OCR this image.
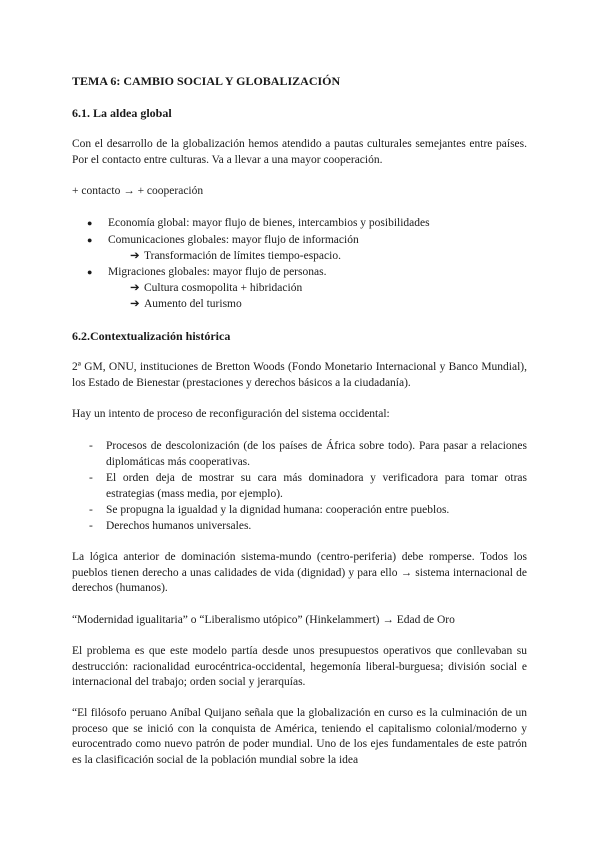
TEMA 6: CAMBIO SOCIAL Y GLOBALIZACIÓN
6.1. La aldea global
Con el desarrollo de la globalización hemos atendido a pautas culturales semejantes entre países. Por el contacto entre culturas. Va a llevar a una mayor cooperación.
+ contacto → + cooperación
● Economía global: mayor flujo de bienes, intercambios y posibilidades
● Comunicaciones globales: mayor flujo de información
➔ Transformación de límites tiempo-espacio.
● Migraciones globales: mayor flujo de personas.
➔ Cultura cosmopolita + hibridación
➔ Aumento del turismo
6.2.Contextualización histórica
2ª GM, ONU, instituciones de Bretton Woods (Fondo Monetario Internacional y Banco Mundial), los Estado de Bienestar (prestaciones y derechos básicos a la ciudadanía).
Hay un intento de proceso de reconfiguración del sistema occidental:
- Procesos de descolonización (de los países de África sobre todo). Para pasar a relaciones diplomáticas más cooperativas.
- El orden deja de mostrar su cara más dominadora y verificadora para tomar otras estrategias (mass media, por ejemplo).
- Se propugna la igualdad y la dignidad humana: cooperación entre pueblos.
- Derechos humanos universales.
La lógica anterior de dominación sistema-mundo (centro-periferia) debe romperse. Todos los pueblos tienen derecho a unas calidades de vida (dignidad) y para ello → sistema internacional de derechos (humanos).
“Modernidad igualitaria” o “Liberalismo utópico” (Hinkelammert) → Edad de Oro
El problema es que este modelo partía desde unos presupuestos operativos que conllevaban su destrucción: racionalidad eurocéntrica-occidental, hegemonía liberal-burguesa; división social e internacional del trabajo; orden social y jerarquías.
“El filósofo peruano Aníbal Quijano señala que la globalización en curso es la culminación de un proceso que se inició con la conquista de América, teniendo el capitalismo colonial/moderno y eurocentrado como nuevo patrón de poder mundial. Uno de los ejes fundamentales de este patrón es la clasificación social de la población mundial sobre la idea
